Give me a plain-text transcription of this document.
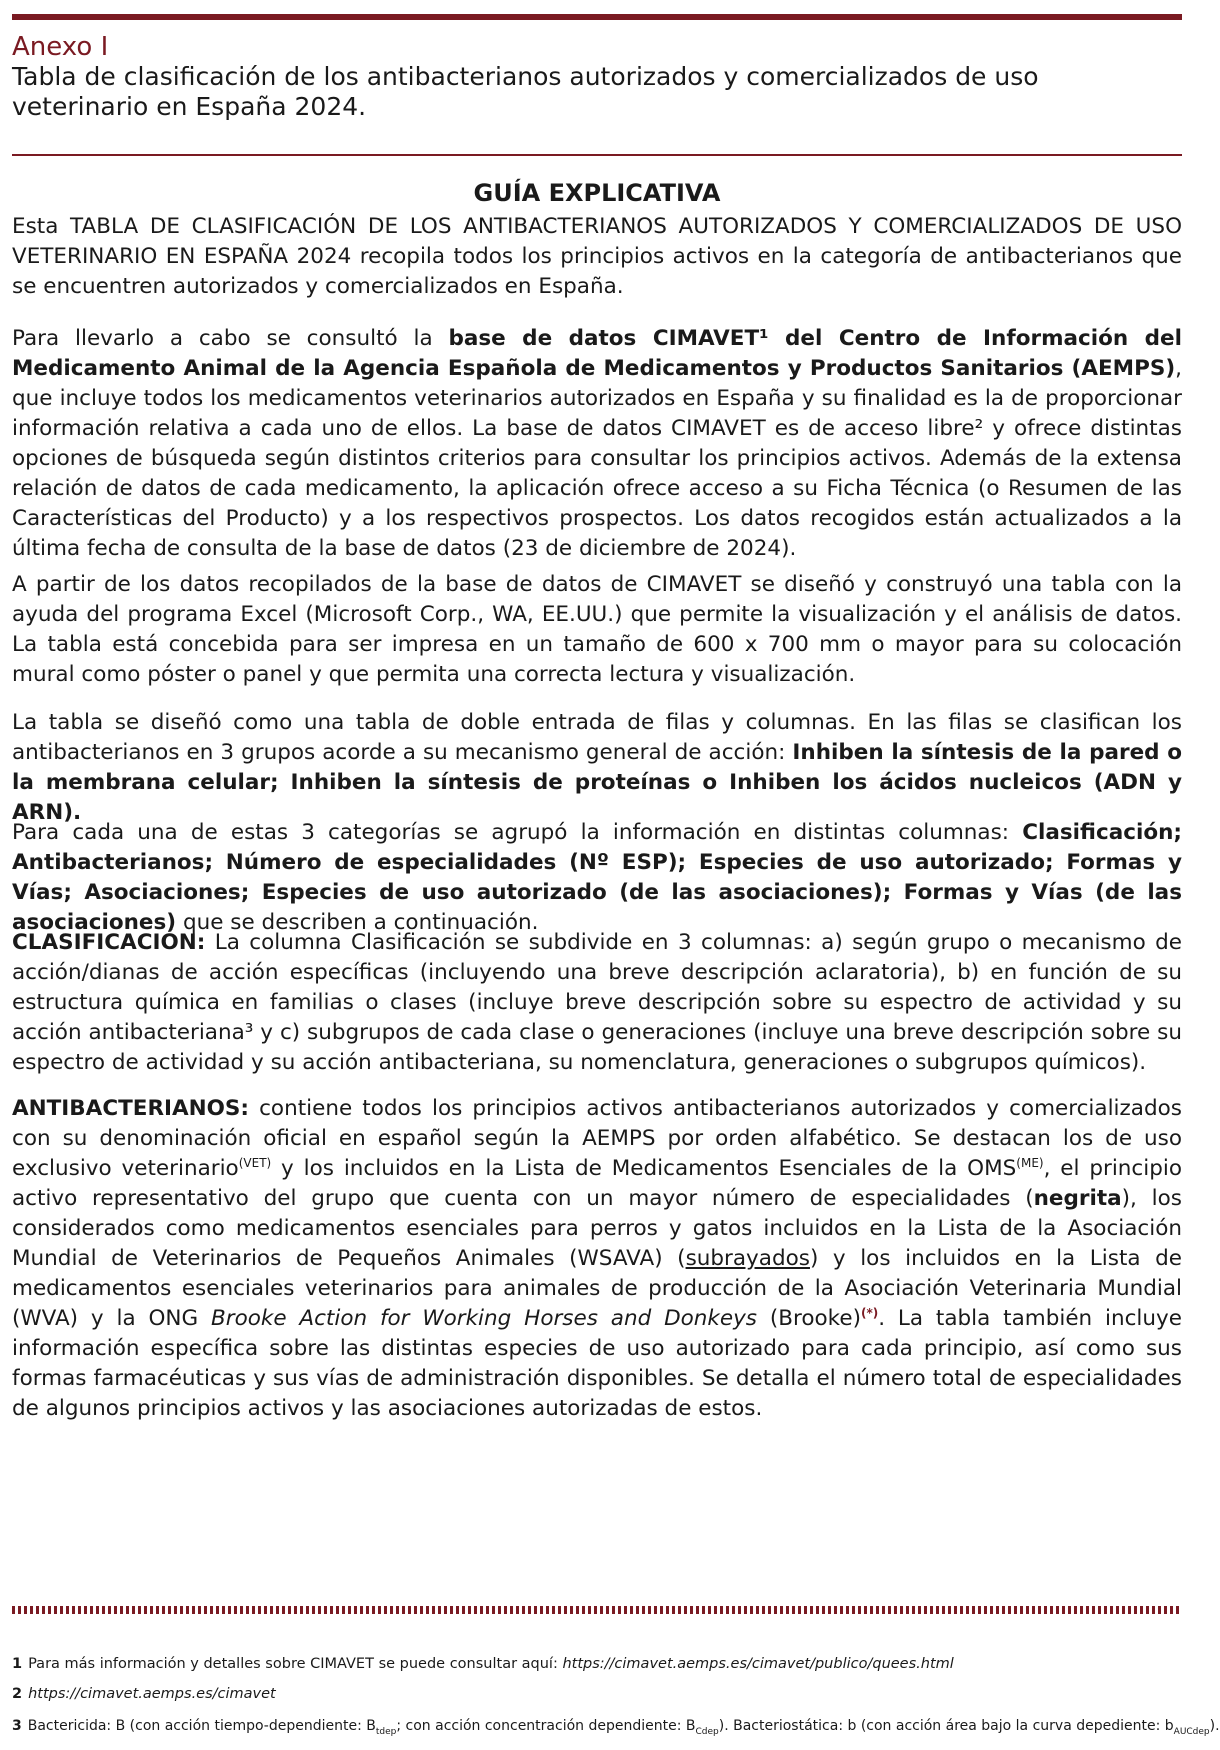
Anexo I
Tabla de clasificación de los antibacterianos autorizados y comercializados de uso veterinario en España 2024.
GUÍA EXPLICATIVA
Esta TABLA DE CLASIFICACIÓN DE LOS ANTIBACTERIANOS AUTORIZADOS Y COMERCIALIZADOS DE USO VETERINARIO EN ESPAÑA 2024 recopila todos los principios activos en la categoría de antibacterianos que se encuentren autorizados y comercializados en España.
Para llevarlo a cabo se consultó la base de datos CIMAVET¹ del Centro de Información del Medicamento Animal de la Agencia Española de Medicamentos y Productos Sanitarios (AEMPS), que incluye todos los medicamentos veterinarios autorizados en España y su finalidad es la de proporcionar información relativa a cada uno de ellos. La base de datos CIMAVET es de acceso libre² y ofrece distintas opciones de búsqueda según distintos criterios para consultar los principios activos. Además de la extensa relación de datos de cada medicamento, la aplicación ofrece acceso a su Ficha Técnica (o Resumen de las Características del Producto) y a los respectivos prospectos. Los datos recogidos están actualizados a la última fecha de consulta de la base de datos (23 de diciembre de 2024).
A partir de los datos recopilados de la base de datos de CIMAVET se diseñó y construyó una tabla con la ayuda del programa Excel (Microsoft Corp., WA, EE.UU.) que permite la visualización y el análisis de datos. La tabla está concebida para ser impresa en un tamaño de 600 x 700 mm o mayor para su colocación mural como póster o panel y que permita una correcta lectura y visualización.
La tabla se diseñó como una tabla de doble entrada de filas y columnas. En las filas se clasifican los antibacterianos en 3 grupos acorde a su mecanismo general de acción: Inhiben la síntesis de la pared o la membrana celular; Inhiben la síntesis de proteínas o Inhiben los ácidos nucleicos (ADN y ARN).
Para cada una de estas 3 categorías se agrupó la información en distintas columnas: Clasificación; Antibacterianos; Número de especialidades (Nº ESP); Especies de uso autorizado; Formas y Vías; Asociaciones; Especies de uso autorizado (de las asociaciones); Formas y Vías (de las asociaciones) que se describen a continuación.
CLASIFICACIÓN: La columna Clasificación se subdivide en 3 columnas: a) según grupo o mecanismo de acción/dianas de acción específicas (incluyendo una breve descripción aclaratoria), b) en función de su estructura química en familias o clases (incluye breve descripción sobre su espectro de actividad y su acción antibacteriana³ y c) subgrupos de cada clase o generaciones (incluye una breve descripción sobre su espectro de actividad y su acción antibacteriana, su nomenclatura, generaciones o subgrupos químicos).
ANTIBACTERIANOS: contiene todos los principios activos antibacterianos autorizados y comercializados con su denominación oficial en español según la AEMPS por orden alfabético. Se destacan los de uso exclusivo veterinario$^{(VET)}$ y los incluidos en la Lista de Medicamentos Esenciales de la $OMS^{(ME)}$, el principio activo representativo del grupo que cuenta con un mayor número de especialidades (negrita), los considerados como medicamentos esenciales para perros y gatos incluidos en la Lista de la Asociación Mundial de Veterinarios de Pequeños Animales (WSAVA) (subrayados) y los incluidos en la Lista de medicamentos esenciales veterinarios para animales de producción de la Asociación Veterinaria Mundial (WVA) y la ONG Brooke Action for Working Horses and Donkeys (Brooke)(*). La tabla también incluye información específica sobre las distintas especies de uso autorizado para cada principio, así como sus formas farmacéuticas y sus vías de administración disponibles. Se detalla el número total de especialidades de algunos principios activos y las asociaciones autorizadas de estos.
1 Para más información y detalles sobre CIMAVET se puede consultar aquí: https://cimavet.aemps.es/cimavet/publico/quees.html
2 https://cimavet.aemps.es/cimavet
3 Bactericida: B (con acción tiempo-dependiente: $B_{tdep}$; con acción concentración dependiente: $B_{Cdep}$). Bacteriostática: b (con acción área bajo la curva depediente: $b_{AUCdep}$).
